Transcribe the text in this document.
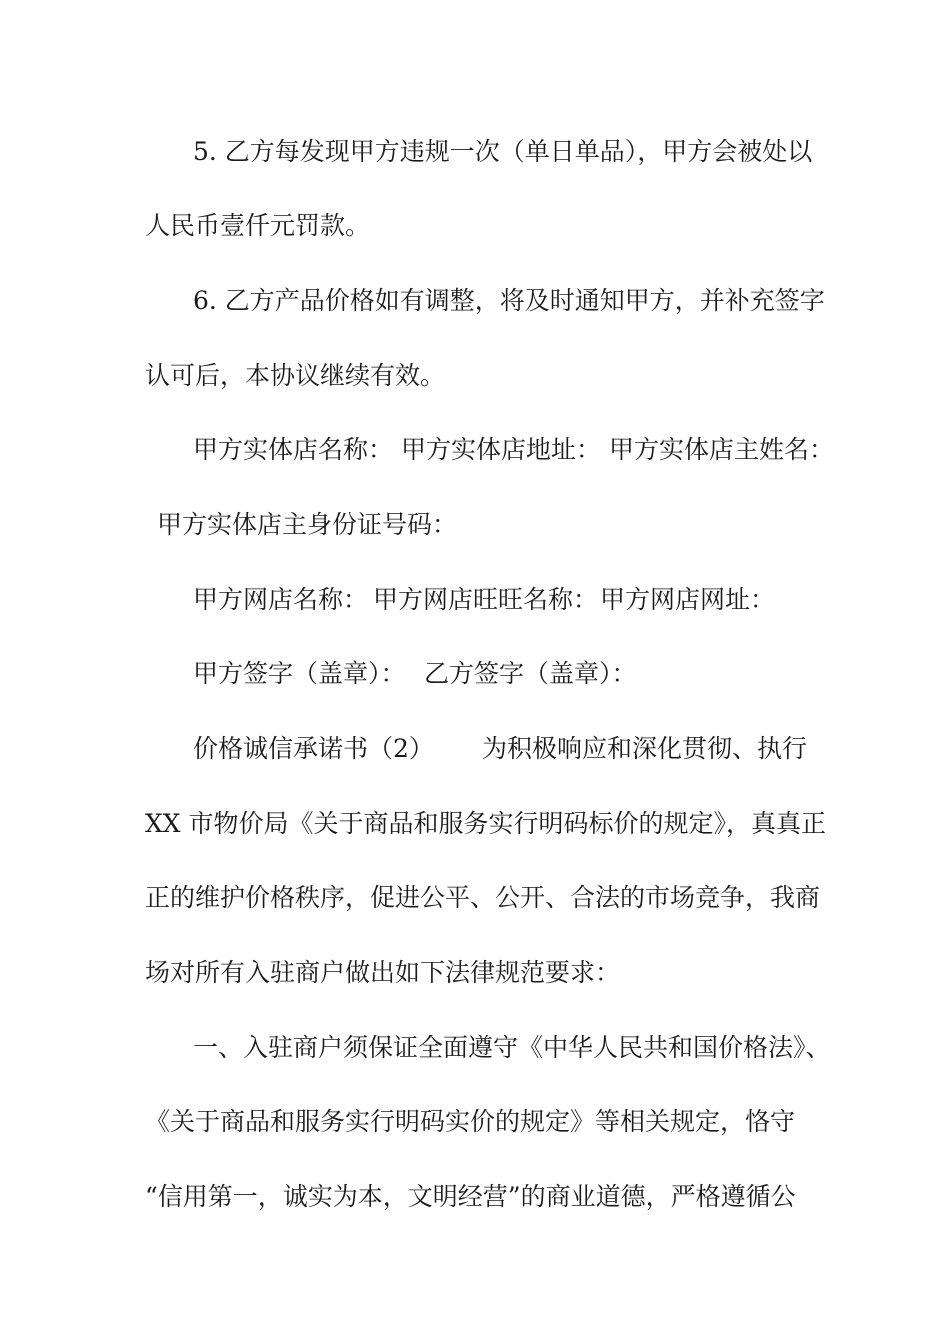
5. 乙方每发现甲方违规一次（单日单品），甲方会被处以
人民币壹仟元罚款。
6. 乙方产品价格如有调整，将及时通知甲方，并补充签字
认可后，本协议继续有效。
甲方实体店名称： 甲方实体店地址： 甲方实体店主姓名：
甲方实体店主身份证号码：
甲方网店名称： 甲方网店旺旺名称： 甲方网店网址：
甲方签字（盖章）： 乙方签字（盖章）：
价格诚信承诺书（2） 为积极响应和深化贯彻、执行
XX 市物价局《关于商品和服务实行明码标价的规定》，真真正
正的维护价格秩序，促进公平、公开、合法的市场竞争，我商
场对所有入驻商户做出如下法律规范要求：
一、入驻商户须保证全面遵守《中华人民共和国价格法》、
《关于商品和服务实行明码实价的规定》等相关规定，恪守
“信用第一，诚实为本，文明经营”的商业道德，严格遵循公
